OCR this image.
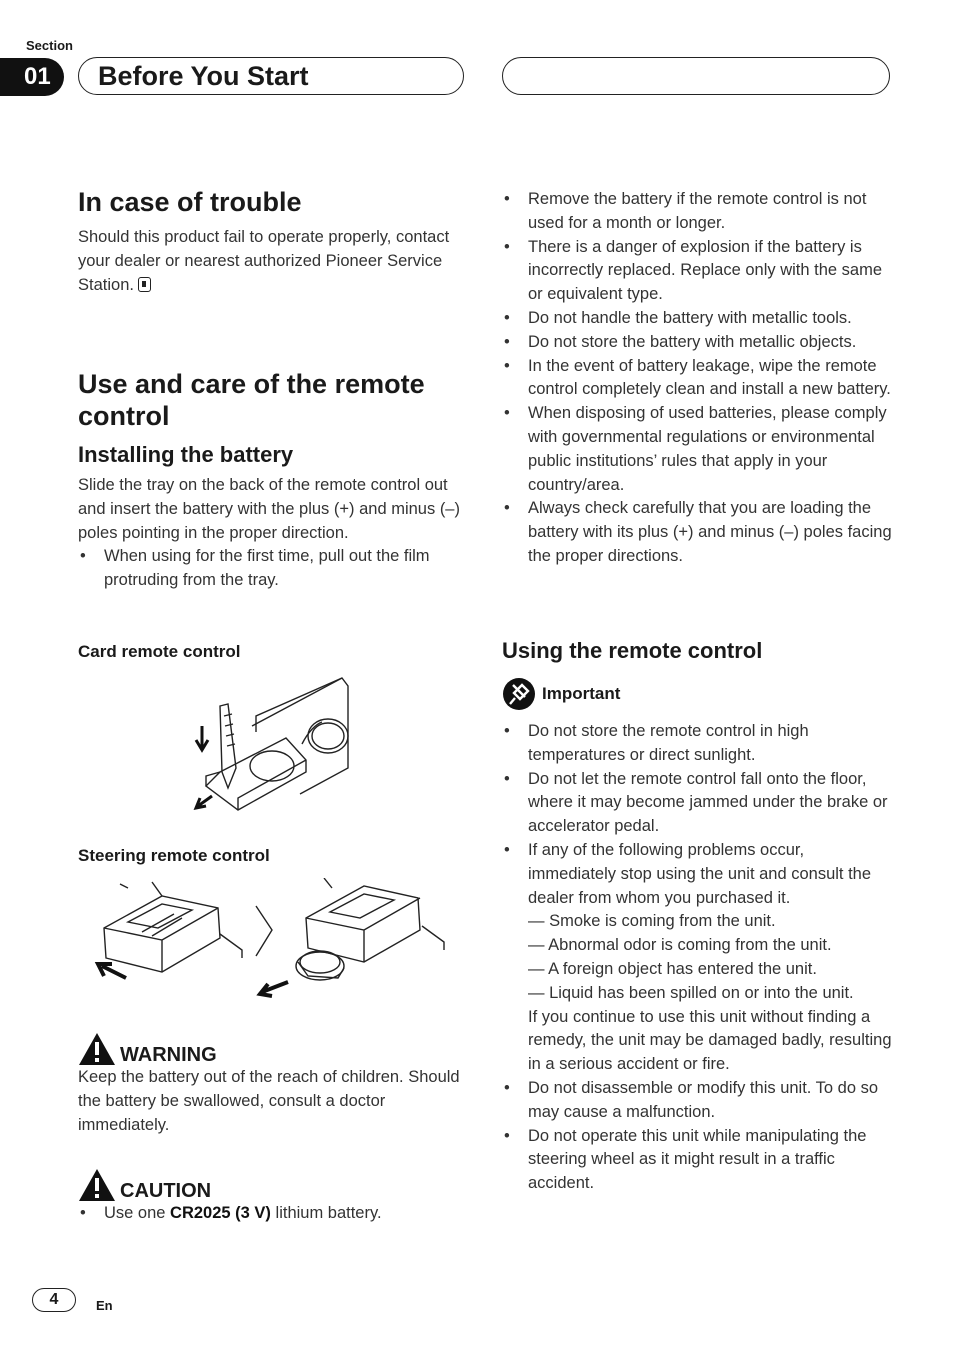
Section
01	Before You Start
In case of trouble

Should this product fail to operate properly, contact your dealer or nearest authorized Pioneer Service Station.

Use and care of the remote control
Installing the battery

Slide the tray on the back of the remote control out and insert the battery with the plus (+) and minus (–) poles pointing in the proper direction.

• When using for the first time, pull out the film protruding from the tray.
Card remote control
Steering remote control
WARNING

Keep the battery out of the reach of children. Should the battery be swallowed, consult a doctor immediately.

CAUTION
• Use one CR2025 (3 V) lithium battery.
• Remove the battery if the remote control is not used for a month or longer.
• There is a danger of explosion if the battery is incorrectly replaced. Replace only with the same or equivalent type.
• Do not handle the battery with metallic tools.
• Do not store the battery with metallic objects.
• In the event of battery leakage, wipe the remote control completely clean and install a new battery.
• When disposing of used batteries, please comply with governmental regulations or environmental public institutions’ rules that apply in your country/area.
• Always check carefully that you are loading the battery with its plus (+) and minus (–) poles facing the proper directions.
Using the remote control
Important
• Do not store the remote control in high temperatures or direct sunlight.
• Do not let the remote control fall onto the floor, where it may become jammed under the brake or accelerator pedal.
• If any of the following problems occur, immediately stop using the unit and consult the dealer from whom you purchased it.
— Smoke is coming from the unit.
— Abnormal odor is coming from the unit.
— A foreign object has entered the unit.
— Liquid has been spilled on or into the unit.
If you continue to use this unit without finding a remedy, the unit may be damaged badly, resulting in a serious accident or fire.
• Do not disassemble or modify this unit. To do so may cause a malfunction.
• Do not operate this unit while manipulating the steering wheel as it might result in a traffic accident.
4	En
